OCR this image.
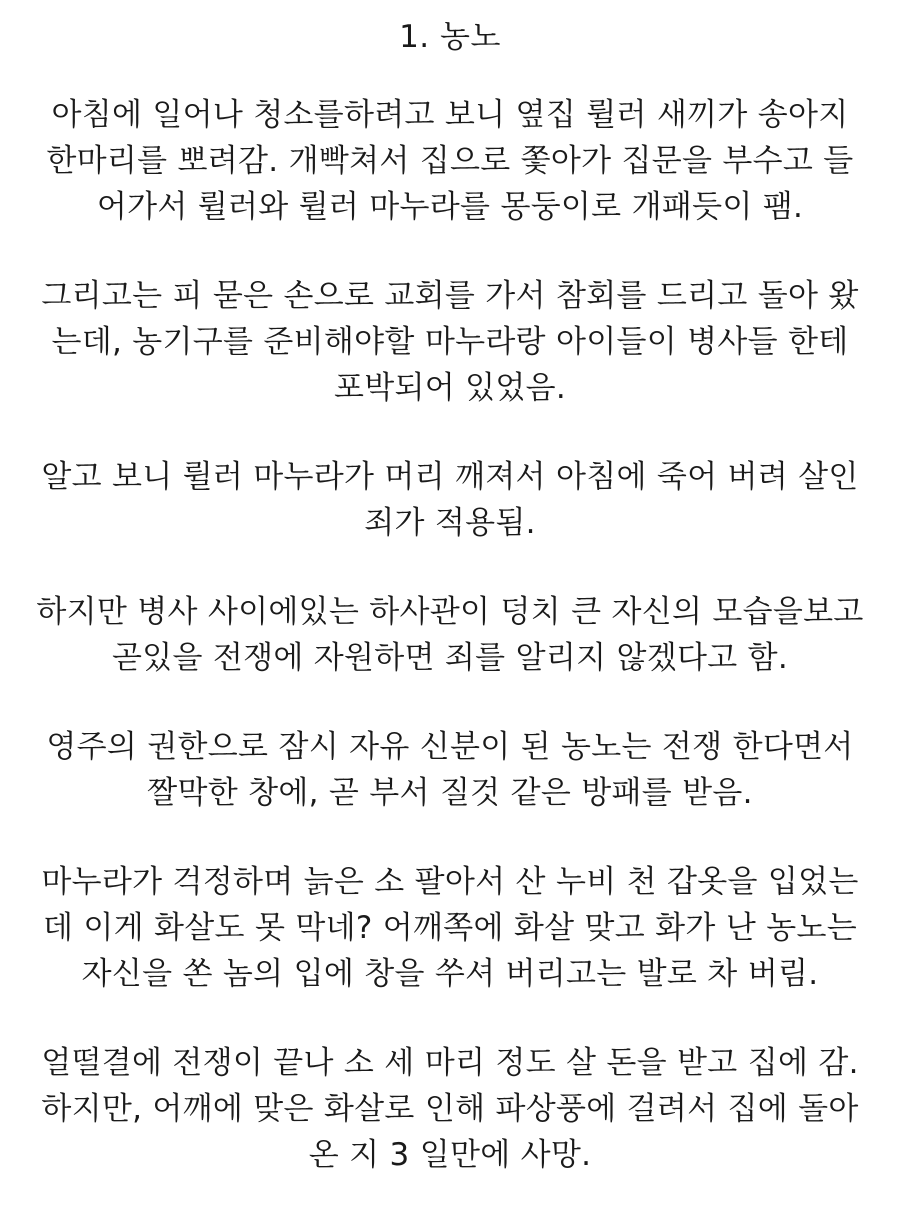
1. 농노
아침에 일어나 청소를하려고 보니 옆집 륄러 새끼가 송아지
한마리를 뽀려감. 개빡쳐서 집으로 쫓아가 집문을 부수고 들
어가서 륄러와 륄러 마누라를 몽둥이로 개패듯이 팸.
그리고는 피 묻은 손으로 교회를 가서 참회를 드리고 돌아 왔
는데, 농기구를 준비해야할 마누라랑 아이들이 병사들 한테
포박되어 있었음.
알고 보니 륄러 마누라가 머리 깨져서 아침에 죽어 버려 살인
죄가 적용됨.
하지만 병사 사이에있는 하사관이 덩치 큰 자신의 모습을보고
곧있을 전쟁에 자원하면 죄를 알리지 않겠다고 함.
영주의 권한으로 잠시 자유 신분이 된 농노는 전쟁 한다면서
짤막한 창에, 곧 부서 질것 같은 방패를 받음.
마누라가 걱정하며 늙은 소 팔아서 산 누비 천 갑옷을 입었는
데 이게 화살도 못 막네? 어깨쪽에 화살 맞고 화가 난 농노는
자신을 쏜 놈의 입에 창을 쑤셔 버리고는 발로 차 버림.
얼떨결에 전쟁이 끝나 소 세 마리 정도 살 돈을 받고 집에 감.
하지만, 어깨에 맞은 화살로 인해 파상풍에 걸려서 집에 돌아
온 지 3 일만에 사망.
